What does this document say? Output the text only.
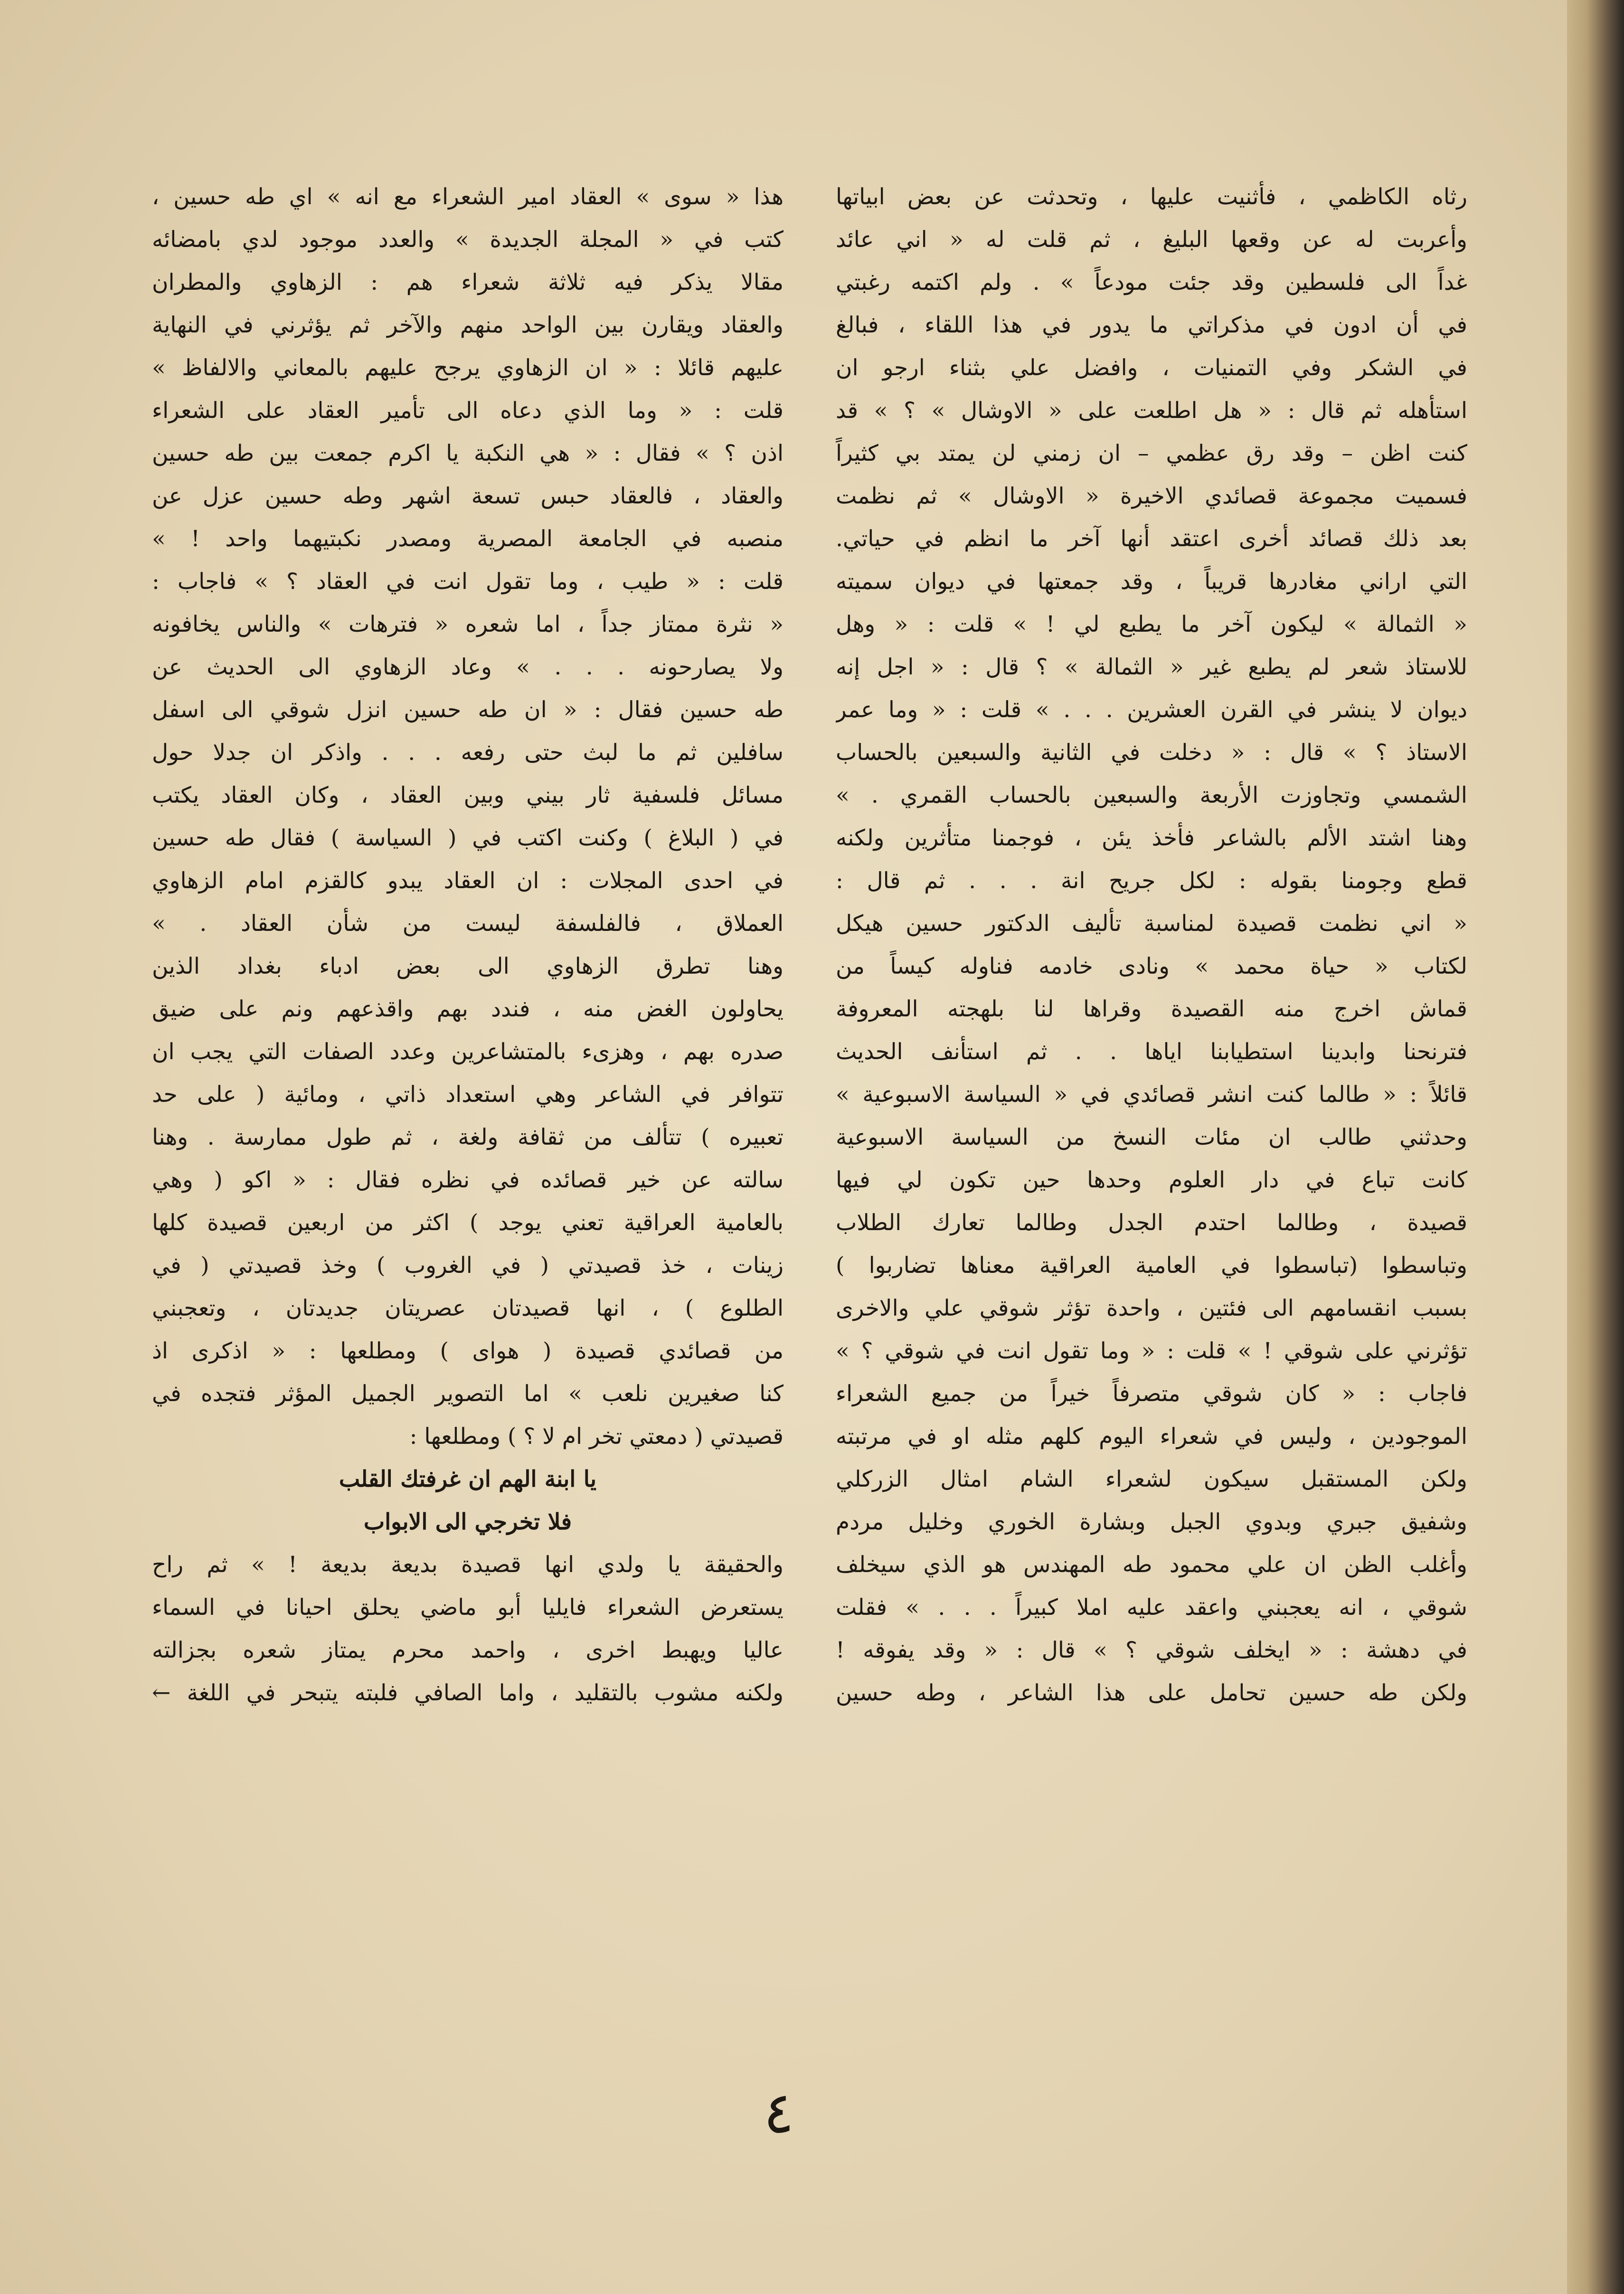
رثاه الكاظمي ، فأثنيت عليها ، وتحدثت عن بعض ابياتها
وأعربت له عن وقعها البليغ ، ثم قلت له « اني عائد
غداً الى فلسطين وقد جئت مودعاً » . ولم اكتمه رغبتي
في أن ادون في مذكراتي ما يدور في هذا اللقاء ، فبالغ
في الشكر وفي التمنيات ، وافضل علي بثناء ارجو ان
استأهله ثم قال : « هل اطلعت على « الاوشال » ؟ » قد
كنت اظن – وقد رق عظمي – ان زمني لن يمتد بي كثيراً
فسميت مجموعة قصائدي الاخيرة « الاوشال » ثم نظمت
بعد ذلك قصائد أخرى اعتقد أنها آخر ما انظم في حياتي.
التي اراني مغادرها قريباً ، وقد جمعتها في ديوان سميته
« الثمالة » ليكون آخر ما يطبع لي ! » قلت : « وهل
للاستاذ شعر لم يطبع غير « الثمالة » ؟ قال : « اجل إنه
ديوان لا ينشر في القرن العشرين . . . » قلت : « وما عمر
الاستاذ ؟ » قال : « دخلت في الثانية والسبعين بالحساب
الشمسي وتجاوزت الأربعة والسبعين بالحساب القمري . »
وهنا اشتد الألم بالشاعر فأخذ يئن ، فوجمنا متأثرين ولكنه
قطع وجومنا بقوله : لكل جريح انة . . . ثم قال :
« اني نظمت قصيدة لمناسبة تأليف الدكتور حسين هيكل
لكتاب « حياة محمد » ونادى خادمه فناوله كيساً من
قماش اخرج منه القصيدة وقراها لنا بلهجته المعروفة
فترنحنا وابدينا استطيابنا اياها . . ثم استأنف الحديث
قائلاً : « طالما كنت انشر قصائدي في « السياسة الاسبوعية »
وحدثني طالب ان مئات النسخ من السياسة الاسبوعية
كانت تباع في دار العلوم وحدها حين تكون لي فيها
قصيدة ، وطالما احتدم الجدل وطالما تعارك الطلاب
وتباسطوا (تباسطوا في العامية العراقية معناها تضاربوا )
بسبب انقسامهم الى فئتين ، واحدة تؤثر شوقي علي والاخرى
تؤثرني على شوقي ! » قلت : « وما تقول انت في شوقي ؟ »
فاجاب : « كان شوقي متصرفاً خيراً من جميع الشعراء
الموجودين ، وليس في شعراء اليوم كلهم مثله او في مرتبته
ولكن المستقبل سيكون لشعراء الشام امثال الزركلي
وشفيق جبري وبدوي الجبل وبشارة الخوري وخليل مردم
وأغلب الظن ان علي محمود طه المهندس هو الذي سيخلف
شوقي ، انه يعجبني واعقد عليه املا كبيراً . . . » فقلت
في دهشة : « ايخلف شوقي ؟ » قال : « وقد يفوقه !
ولكن طه حسين تحامل على هذا الشاعر ، وطه حسين
هذا « سوى » العقاد امير الشعراء مع انه » اي طه حسين ،
كتب في « المجلة الجديدة » والعدد موجود لدي بامضائه
مقالا يذكر فيه ثلاثة شعراء هم : الزهاوي والمطران
والعقاد ويقارن بين الواحد منهم والآخر ثم يؤثرني في النهاية
عليهم قائلا : « ان الزهاوي يرجح عليهم بالمعاني والالفاظ »
قلت : « وما الذي دعاه الى تأمير العقاد على الشعراء
اذن ؟ » فقال : « هي النكبة يا اكرم جمعت بين طه حسين
والعقاد ، فالعقاد حبس تسعة اشهر وطه حسين عزل عن
منصبه في الجامعة المصرية ومصدر نكبتيهما واحد ! »
قلت : « طيب ، وما تقول انت في العقاد ؟ » فاجاب :
« نثرة ممتاز جداً ، اما شعره « فترهات » والناس يخافونه
ولا يصارحونه . . . » وعاد الزهاوي الى الحديث عن
طه حسين فقال : « ان طه حسين انزل شوقي الى اسفل
سافلين ثم ما لبث حتى رفعه . . . واذكر ان جدلا حول
مسائل فلسفية ثار بيني وبين العقاد ، وكان العقاد يكتب
في ( البلاغ ) وكنت اكتب في ( السياسة ) فقال طه حسين
في احدى المجلات : ان العقاد يبدو كالقزم امام الزهاوي
العملاق ، فالفلسفة ليست من شأن العقاد . »
وهنا تطرق الزهاوي الى بعض ادباء بغداد الذين
يحاولون الغض منه ، فندد بهم واقذعهم ونم على ضيق
صدره بهم ، وهزىء بالمتشاعرين وعدد الصفات التي يجب ان
تتوافر في الشاعر وهي استعداد ذاتي ، ومائية ( على حد
تعبيره ) تتألف من ثقافة ولغة ، ثم طول ممارسة . وهنا
سالته عن خير قصائده في نظره فقال : « اكو ( وهي
بالعامية العراقية تعني يوجد ) اكثر من اربعين قصيدة كلها
زينات ، خذ قصيدتي ( في الغروب ) وخذ قصيدتي ( في
الطلوع ) ، انها قصيدتان عصريتان جديدتان ، وتعجبني
من قصائدي قصيدة ( هواى ) ومطلعها : « اذكرى اذ
كنا صغيرين نلعب » اما التصوير الجميل المؤثر فتجده في
قصيدتي ( دمعتي تخر ام لا ؟ ) ومطلعها :
يا ابنة الهم ان غرفتك القلب
فلا تخرجي الى الابواب
والحقيقة يا ولدي انها قصيدة بديعة بديعة ! » ثم راح
يستعرض الشعراء فايليا أبو ماضي يحلق احيانا في السماء
عاليا ويهبط اخرى ، واحمد محرم يمتاز شعره بجزالته
ولكنه مشوب بالتقليد ، واما الصافي فلبته يتبحر في اللغة ←
٤
